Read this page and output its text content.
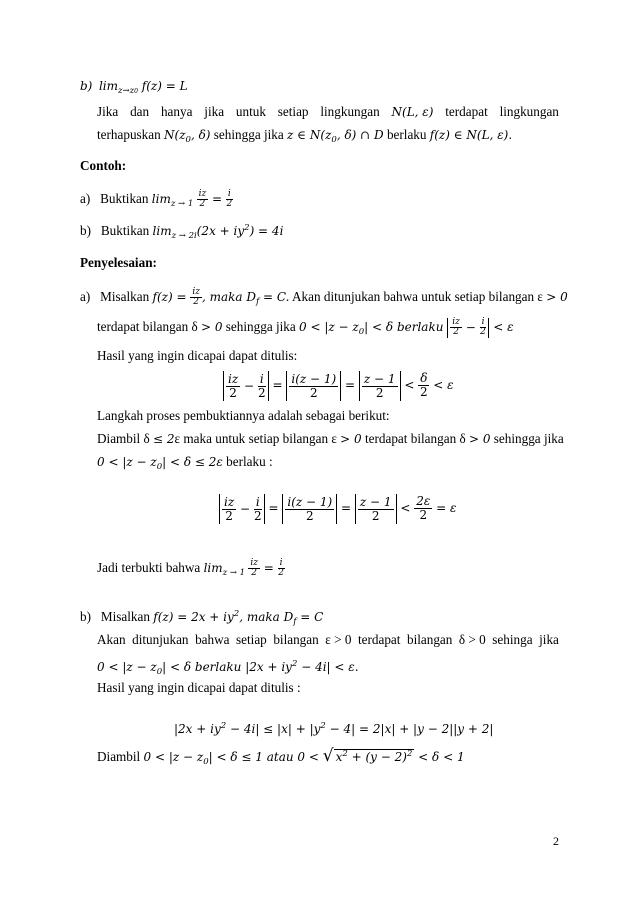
b) $\lim_{z\to z0} f(z) = L$
Jika dan hanya jika untuk setiap lingkungan N(L, ε) terdapat lingkungan
terhapuskan $N(z_0$, δ) sehingga jika z ∈ $N(z_0$, δ) ∩ D berlaku f(z) ∈ N(L, ε).
Contoh:
a) Buktikan $\lim_{z \to 1} \frac{iz}{2} = \frac{i}{2}$
b) Buktikan $\lim_{z \to 2i}(2x + iy^2) = 4i$
Penyelesaian:
a) Misalkan $f(z) = \frac{iz}{2}$ , maka $D_f = C$. Akan ditunjukan bahwa untuk setiap bilangan ε > 0
terdapat bilangan δ > 0 sehingga jika $0 < |z - z_0| < \delta$ berlaku $\frac{iz}{2} - \frac{i}{2} < \varepsilon$
Hasil yang ingin dicapai dapat ditulis:
$\frac{iz}{2} - \frac{i}{2} = \frac{i(z - 1)}{2} = \frac{z - 1}{2} < \frac{\delta}{2} < \varepsilon$
Langkah proses pembuktiannya adalah sebagai berikut:
Diambil δ ≤ 2ε maka untuk setiap bilangan ε > 0 terdapat bilangan δ > 0 sehingga jika
$0 < |z - z_0| < \delta \le 2\varepsilon$ berlaku :
$\frac{iz}{2} - \frac{i}{2} = \frac{i(z - 1)}{2} = \frac{z - 1}{2} < \frac{2\varepsilon}{2} = \varepsilon$
Jadi terbukti bahwa $\lim_{z \to 1} \frac{iz}{2} = \frac{i}{2}$
b) Misalkan $f(z) = 2x + iy^2$, maka $D_f = C$
Akan ditunjukan bahwa setiap bilangan ε > 0 terdapat bilangan δ > 0 sehinga jika
$0 < |z - z_0| < \delta$ berlaku $|2x + iy^2 - 4i| < \varepsilon$.
Hasil yang ingin dicapai dapat ditulis :
$|2x + iy^2 - 4i| \le |x| + |y^2 - 4| = 2|x| + |y - 2||y + 2|$
Diambil $0 < |z - z_0| < \delta \le 1$ atau 0 < √ $x^2 + (y - 2)^2 < \delta < 1$
2
